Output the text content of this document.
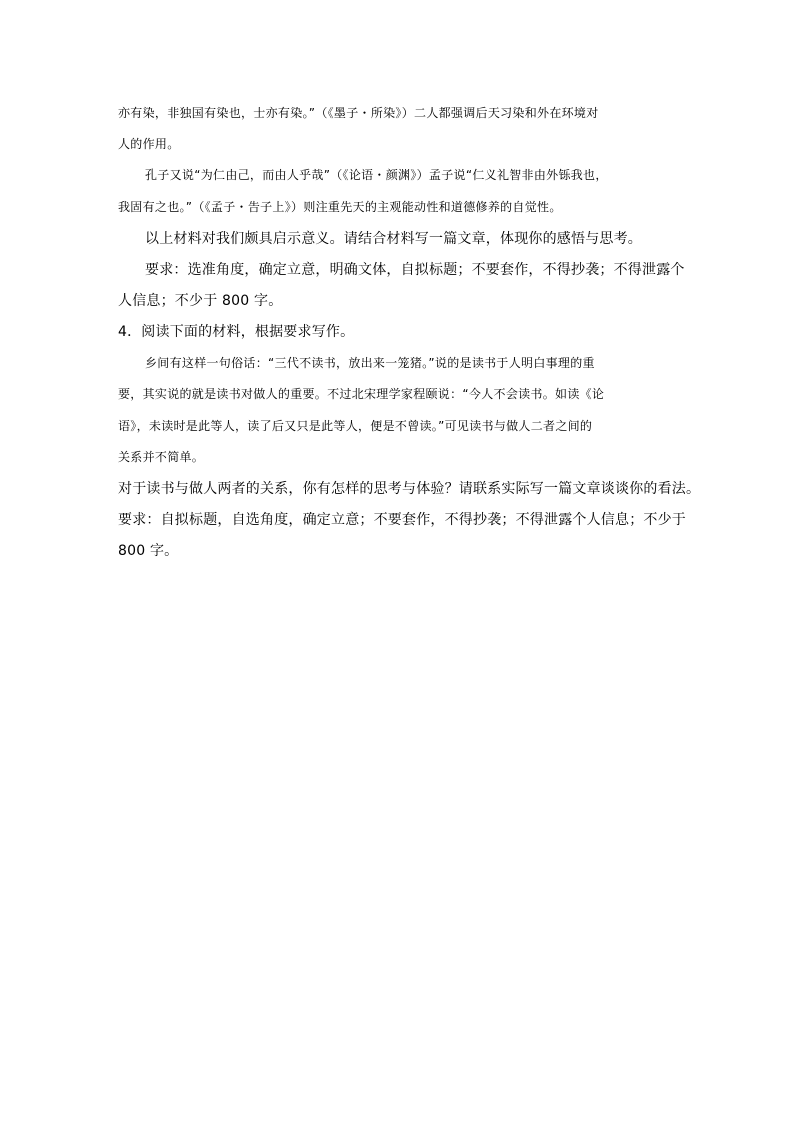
亦有染，非独国有染也，士亦有染。”（《墨子・所染》）二人都强调后天习染和外在环境对
人的作用。
孔子又说“为仁由己，而由人乎哉”（《论语・颜渊》）孟子说“仁义礼智非由外铄我也，
我固有之也。”（《孟子・告子上》）则注重先天的主观能动性和道德修养的自觉性。
以上材料对我们颇具启示意义。请结合材料写一篇文章，体现你的感悟与思考。
要求：选准角度，确定立意，明确文体，自拟标题；不要套作，不得抄袭；不得泄露个
人信息；不少于 800 字。
4．阅读下面的材料，根据要求写作。
乡间有这样一句俗话：“三代不读书，放出来一笼猪。”说的是读书于人明白事理的重
要，其实说的就是读书对做人的重要。不过北宋理学家程颐说：“今人不会读书。如读《论
语》，未读时是此等人，读了后又只是此等人，便是不曾读。”可见读书与做人二者之间的
关系并不简单。
对于读书与做人两者的关系，你有怎样的思考与体验？请联系实际写一篇文章谈谈你的看法。
要求：自拟标题，自选角度，确定立意；不要套作，不得抄袭；不得泄露个人信息；不少于
800 字。
